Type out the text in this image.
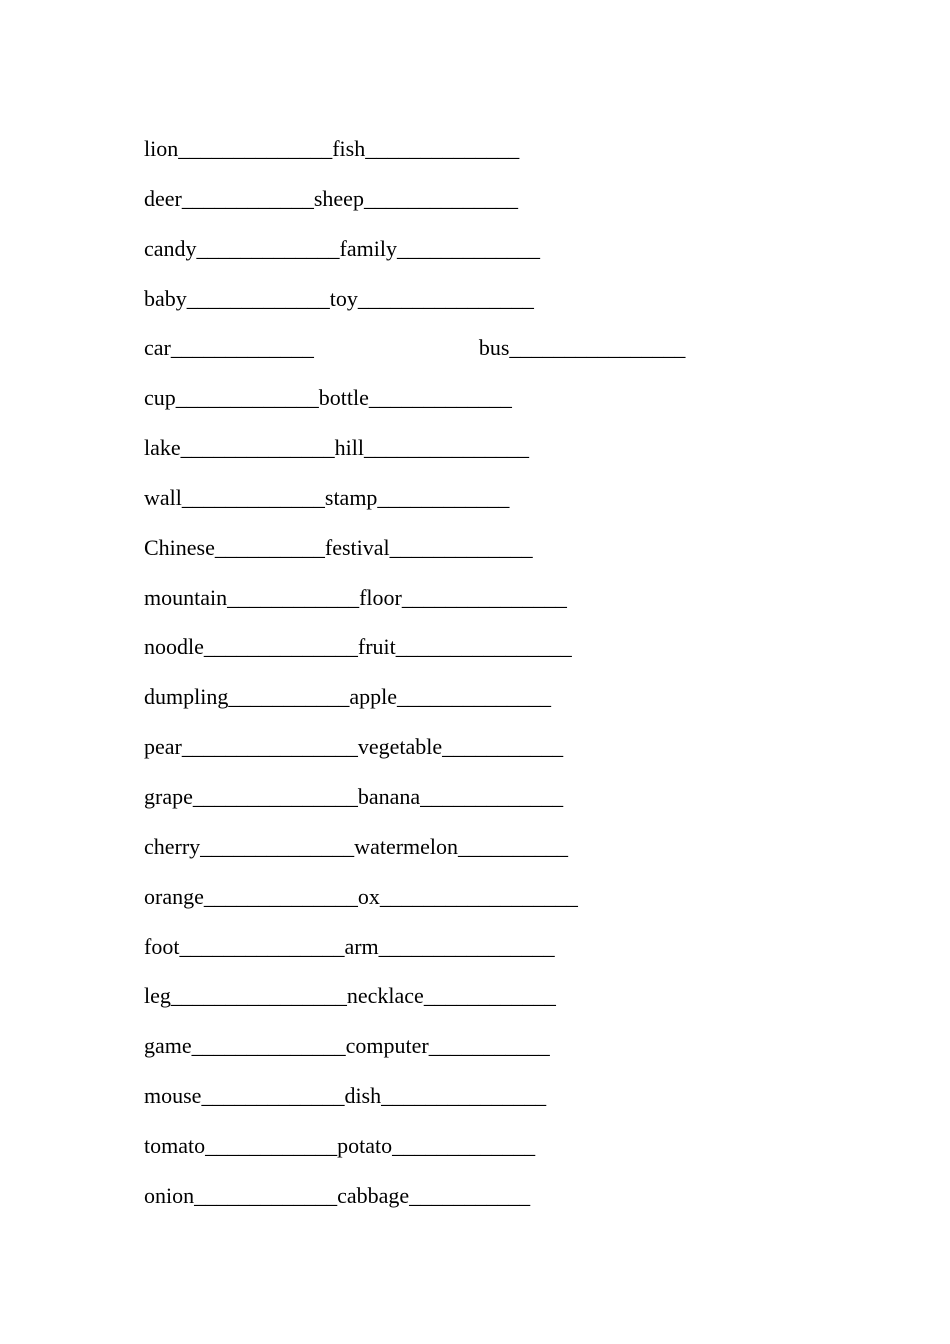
lion______________fish______________
deer____________sheep______________
candy_____________family_____________
baby_____________toy________________
car_____________                              bus________________
cup_____________bottle_____________
lake______________hill_______________
wall_____________stamp____________
Chinese__________festival_____________
mountain____________floor_______________
noodle______________fruit________________
dumpling___________apple______________
pear________________vegetable___________
grape_______________banana_____________
cherry______________watermelon__________
orange______________ox__________________
foot_______________arm________________
leg________________necklace____________
game______________computer___________
mouse_____________dish_______________
tomato____________potato_____________
onion_____________cabbage___________
